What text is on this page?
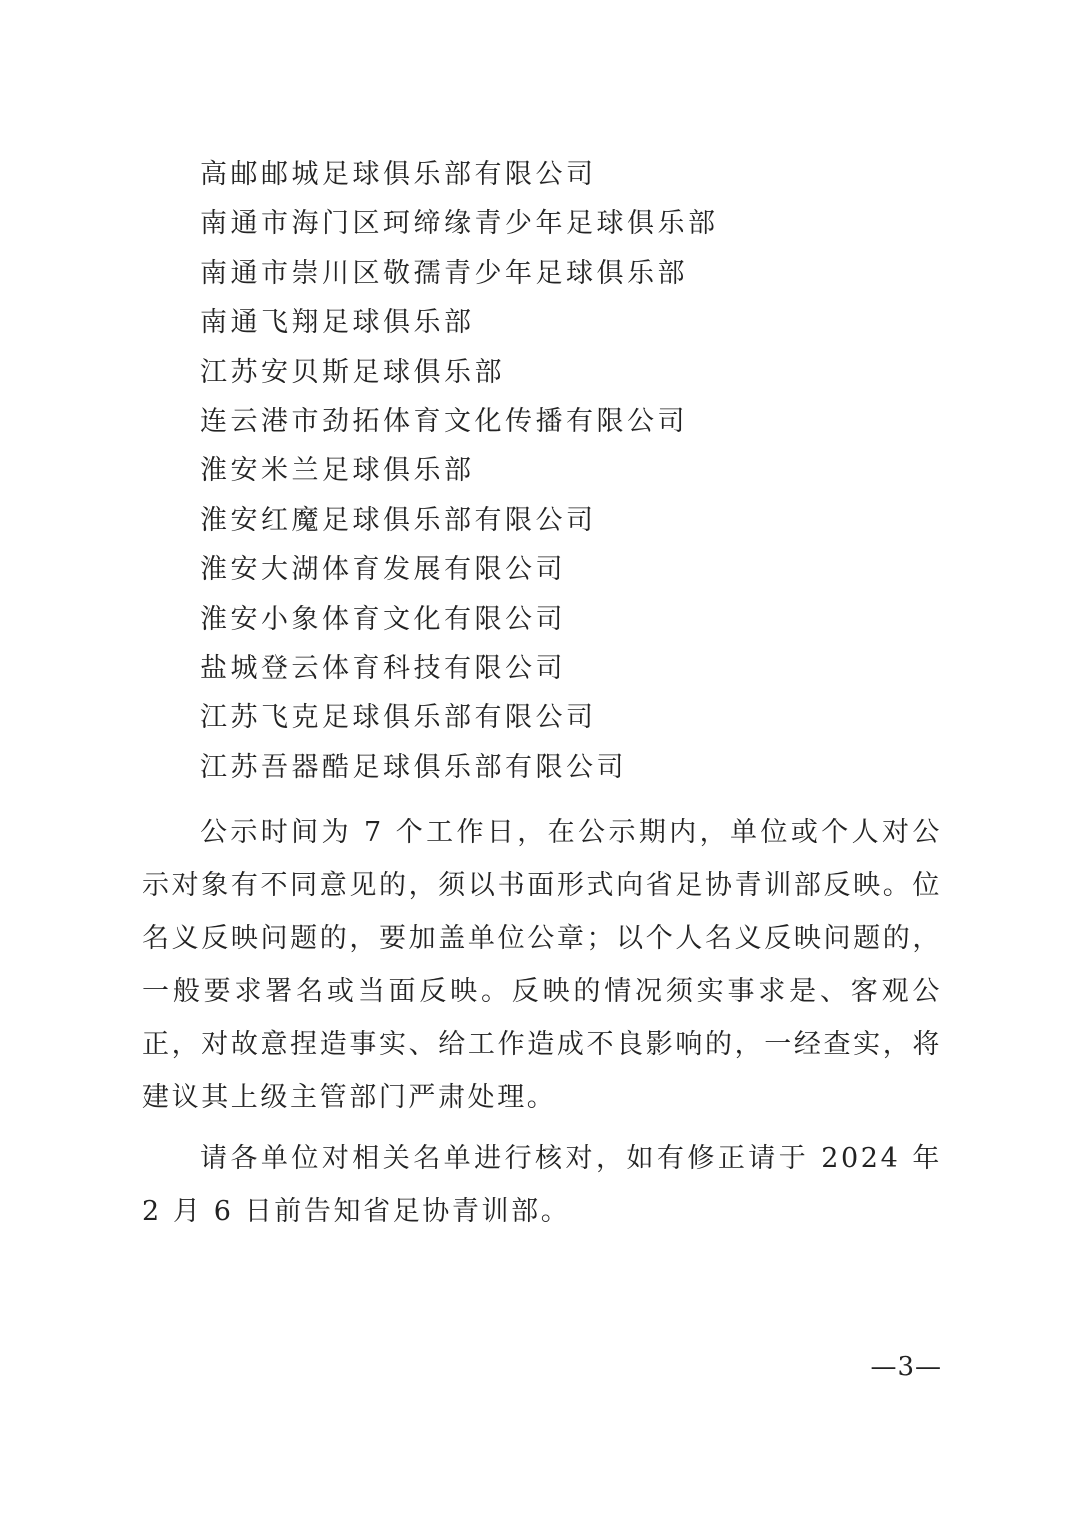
高邮邮城足球俱乐部有限公司
南通市海门区珂缔缘青少年足球俱乐部
南通市崇川区敬孺青少年足球俱乐部
南通飞翔足球俱乐部
江苏安贝斯足球俱乐部
连云港市劲拓体育文化传播有限公司
淮安米兰足球俱乐部
淮安红魔足球俱乐部有限公司
淮安大湖体育发展有限公司
淮安小象体育文化有限公司
盐城登云体育科技有限公司
江苏飞克足球俱乐部有限公司
江苏吾器酷足球俱乐部有限公司

公示时间为 7 个工作日，在公示期内，单位或个人对公示对象有不同意见的，须以书面形式向省足协青训部反映。位名义反映问题的，要加盖单位公章；以个人名义反映问题的，一般要求署名或当面反映。反映的情况须实事求是、客观公正，对故意捏造事实、给工作造成不良影响的，一经查实，将建议其上级主管部门严肃处理。

请各单位对相关名单进行核对，如有修正请于 2024 年 2 月 6 日前告知省足协青训部。

—3—
